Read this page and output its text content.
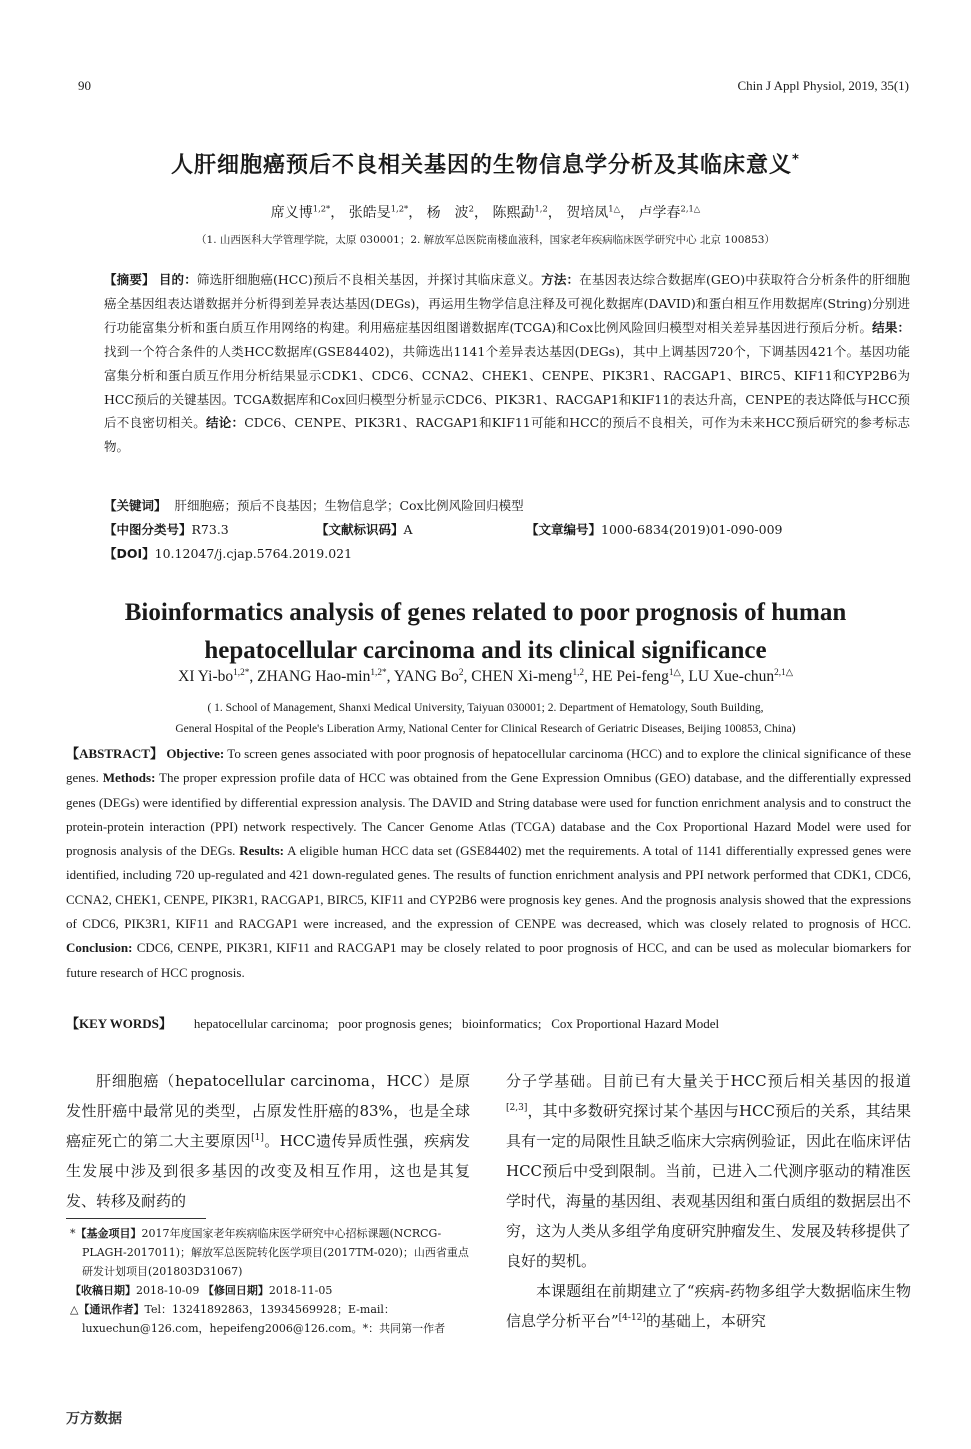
90	Chin J Appl Physiol, 2019, 35(1)
人肝细胞癌预后不良相关基因的生物信息学分析及其临床意义*
席义博$^{1,2*}$， 张皓旻$^{1,2*}$， 杨　波$^2$， 陈熙勐$^{1,2}$， 贺培凤$^{1\triangle}$， 卢学春$^{2,1\triangle}$
（1. 山西医科大学管理学院，太原 030001；2. 解放军总医院南楼血液科，国家老年疾病临床医学研究中心 北京 100853）
【摘要】 目的：筛选肝细胞癌(HCC)预后不良相关基因，并探讨其临床意义。方法：在基因表达综合数据库(GEO)中获取符合分析条件的肝细胞癌全基因组表达谱数据并分析得到差异表达基因(DEGs)，再运用生物学信息注释及可视化数据库(DAVID)和蛋白相互作用数据库(String)分别进行功能富集分析和蛋白质互作用网络的构建。利用癌症基因组图谱数据库(TCGA)和Cox比例风险回归模型对相关差异基因进行预后分析。结果：找到一个符合条件的人类HCC数据库(GSE84402)，共筛选出1141个差异表达基因(DEGs)，其中上调基因720个，下调基因421个。基因功能富集分析和蛋白质互作用分析结果显示CDK1、CDC6、CCNA2、CHEK1、CENPE、PIK3R1、RACGAP1、BIRC5、KIF11和CYP2B6为HCC预后的关键基因。TCGA数据库和Cox回归模型分析显示CDC6、PIK3R1、RACGAP1和KIF11的表达升高，CENPE的表达降低与HCC预后不良密切相关。结论：CDC6、CENPE、PIK3R1、RACGAP1和KIF11可能和HCC的预后不良相关，可作为未来HCC预后研究的参考标志物。
【关键词】 肝细胞癌；预后不良基因；生物信息学；Cox比例风险回归模型
【中图分类号】R73.3	【文献标识码】A	【文章编号】1000-6834(2019)01-090-009
【DOI】10.12047/j.cjap.5764.2019.021
Bioinformatics analysis of genes related to poor prognosis of human
hepatocellular carcinoma and its clinical significance
XI $Yi-bo^{1,2*}$, ZHANG Hao-$\min^{1,2*}$, YANG Bo$^2$, CHEN Xi-meng$^{1,2}$, HE Pei-feng$^{1\triangle}$, LU Xue-chun$^{2,1\triangle}$
( 1. School of Management, Shanxi Medical University, Taiyuan 030001; 2. Department of Hematology, South Building,
General Hospital of the People's Liberation Army, National Center for Clinical Research of Geriatric Diseases, Beijing 100853, China)
【ABSTRACT】 Objective: To screen genes associated with poor prognosis of hepatocellular carcinoma (HCC) and to explore the clinical significance of these genes. Methods: The proper expression profile data of HCC was obtained from the Gene Expression Omnibus (GEO) database, and the differentially expressed genes (DEGs) were identified by differential expression analysis. The DAVID and String database were used for function enrichment analysis and to construct the protein-protein interaction (PPI) network respectively. The Cancer Genome Atlas (TCGA) database and the Cox Proportional Hazard Model were used for prognosis analysis of the DEGs. Results: A eligible human HCC data set (GSE84402) met the requirements. A total of 1141 differentially expressed genes were identified, including 720 up-regulated and 421 down-regulated genes. The results of function enrichment analysis and PPI network performed that CDK1, CDC6, CCNA2, CHEK1, CENPE, PIK3R1, RACGAP1, BIRC5, KIF11 and CYP2B6 were prognosis key genes. And the prognosis analysis showed that the expressions of CDC6, PIK3R1, KIF11 and RACGAP1 were increased, and the expression of CENPE was decreased, which was closely related to prognosis of HCC. Conclusion: CDC6, CENPE, PIK3R1, KIF11 and RACGAP1 may be closely related to poor prognosis of HCC, and can be used as molecular biomarkers for future research of HCC prognosis.
【KEY WORDS】 hepatocellular carcinoma;   poor prognosis genes;   bioinformatics;   Cox Proportional Hazard Model
肝细胞癌（hepatocellular carcinoma，HCC）是原发性肝癌中最常见的类型，占原发性肝癌的83%，也是全球癌症死亡的第二大主要原因[1]。HCC遗传异质性强，疾病发生发展中涉及到很多基因的改变及相互作用，这也是其复发、转移及耐药的

分子学基础。目前已有大量关于HCC预后相关基因的报道[2,3]，其中多数研究探讨某个基因与HCC预后的关系，其结果具有一定的局限性且缺乏临床大宗病例验证，因此在临床评估HCC预后中受到限制。当前，已进入二代测序驱动的精准医学时代，海量的基因组、表观基因组和蛋白质组的数据层出不穷，这为人类从多组学角度研究肿瘤发生、发展及转移提供了良好的契机。

本课题组在前期建立了“疾病-药物多组学大数据临床生物信息学分析平台”[4-12]的基础上，本研究

*【基金项目】2017年度国家老年疾病临床医学研究中心招标课题(NCRCG-PLAGH-2017011)；解放军总医院转化医学项目(2017TM-020)；山西省重点研发计划项目(201803D31067)
【收稿日期】2018-10-09 【修回日期】2018-11-05
△【通讯作者】Tel：13241892863，13934569928；E-mail：luxuechun@126.com，hepeifeng2006@126.com。*：共同第一作者
万方数据
